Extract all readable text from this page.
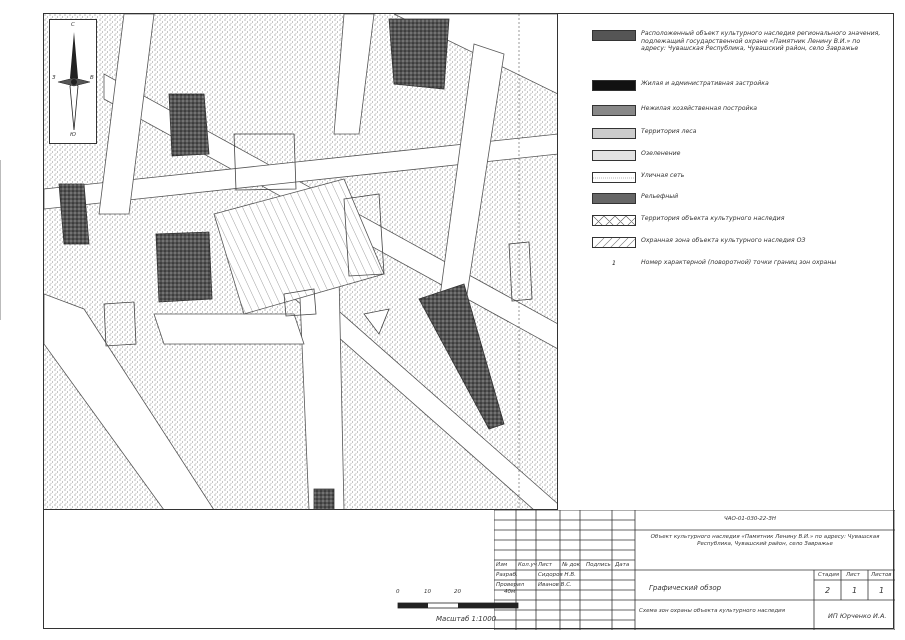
С
З	В
Ю
ЧАО-01-030-22-ЗН
Объект культурного наследия «Памятник Ленину В.И.» по адресу: Чувашская Республика, Чувашский район, село Завражье
Изм Кол.уч Лист № док Подпись Дата
Разраб.	Сидоров Н.В.
Проверил	Иванов В.С.	Графический обзор
Стадия Лист Листов
2	1	1
Схема зон охраны объекта культурного наследия
ИП Юрченко И.А.
0	10	20	40м
Масштаб 1:1000
Расположенный объект культурного наследия регионального значения, подлежащий государственной охране «Памятник Ленину В.И.» по адресу: Чувашская Республика, Чувашский район, село Завражье
Жилая и административная застройка
Нежилая хозяйственная постройка
Территория леса
Озеленение
Уличная сеть
Рельефный
Территория объекта культурного наследия
Охранная зона объекта культурного наследия ОЗ
1	Номер характерной (поворотной) точки границ зон охраны
